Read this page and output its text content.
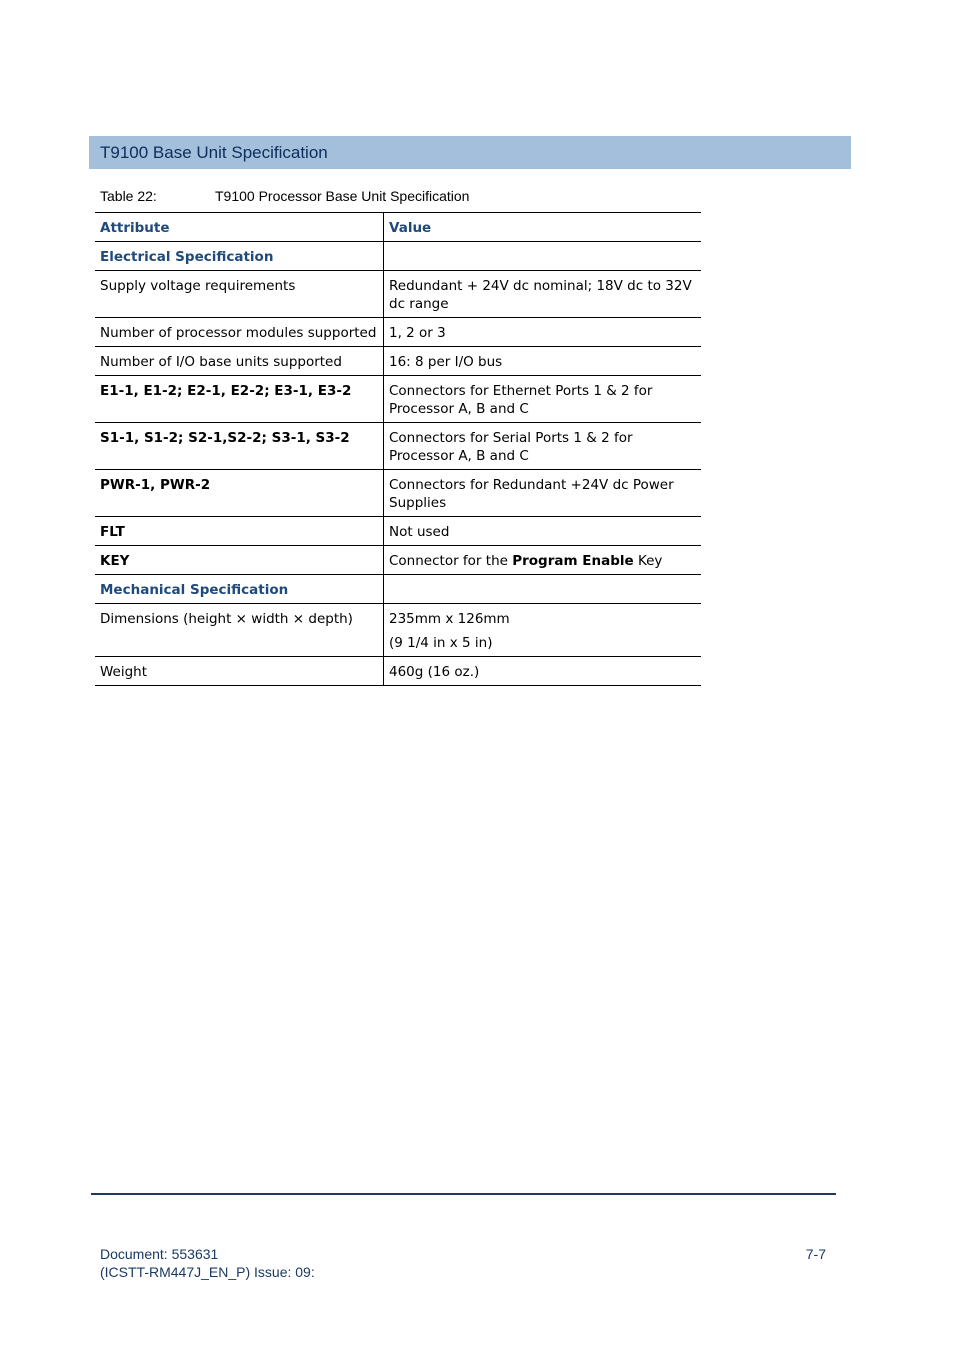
T9100 Base Unit Specification
Table 22:	T9100 Processor Base Unit Specification
Attribute	Value
Electrical Specification	
Supply voltage requirements	Redundant + 24V dc nominal; 18V dc to 32V dc range
Number of processor modules supported	1, 2 or 3
Number of I/O base units supported	16: 8 per I/O bus
E1-1, E1-2; E2-1, E2-2; E3-1, E3-2	Connectors for Ethernet Ports 1 & 2 for Processor A, B and C
S1-1, S1-2; S2-1,S2-2; S3-1, S3-2	Connectors for Serial Ports 1 & 2 for Processor A, B and C
PWR-1, PWR-2	Connectors for Redundant +24V dc Power Supplies
FLT	Not used
KEY	Connector for the Program Enable Key
Mechanical Specification	
Dimensions (height × width × depth)	235mm x 126mm
	(9 1/4 in x 5 in)
Weight	460g (16 oz.)
Document: 553631
(ICSTT-RM447J_EN_P) Issue: 09:
7-7
